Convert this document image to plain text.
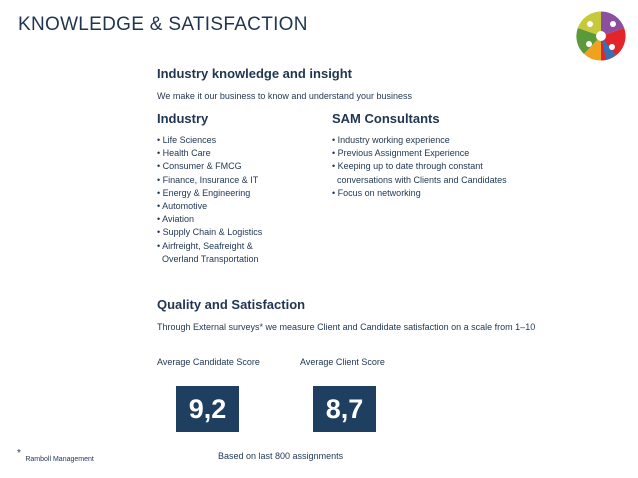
KNOWLEDGE & SATISFACTION
Industry knowledge and insight
We make it our business to know and understand your business
Industry
• Life Sciences
• Health Care
• Consumer & FMCG
• Finance, Insurance & IT
• Energy & Engineering
• Automotive
• Aviation
• Supply Chain & Logistics
• Airfreight, Seafreight &
Overland Transportation
SAM Consultants
• Industry working experience
• Previous Assignment Experience
• Keeping up to date through constant
conversations with Clients and Candidates
• Focus on networking
Quality and Satisfaction
Through External surveys* we measure Client and Candidate satisfaction on a scale from 1–10
Average Candidate Score	Average Client Score
9,2	8,7
* Ramboll Management	Based on last 800 assignments
